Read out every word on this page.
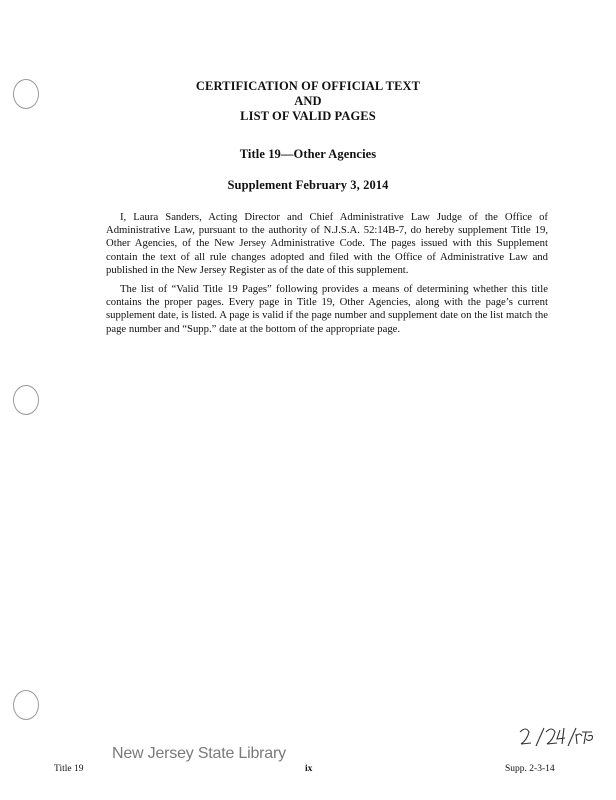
CERTIFICATION OF OFFICIAL TEXT
AND
LIST OF VALID PAGES
Title 19—Other Agencies
Supplement February 3, 2014

I, Laura Sanders, Acting Director and Chief Administrative Law Judge of the Office of Administrative Law, pursuant to the authority of N.J.S.A. 52:14B-7, do hereby supplement Title 19, Other Agencies, of the New Jersey Administrative Code. The pages issued with this Supplement contain the text of all rule changes adopted and filed with the Office of Administrative Law and published in the New Jersey Register as of the date of this supplement.

The list of “Valid Title 19 Pages” following provides a means of determining whether this title contains the proper pages. Every page in Title 19, Other Agencies, along with the page’s current supplement date, is listed. A page is valid if the page number and supplement date on the list match the page number and “Supp.” date at the bottom of the appropriate page.

Title 19
New Jersey State Library
ix	Supp. 2-3-14
